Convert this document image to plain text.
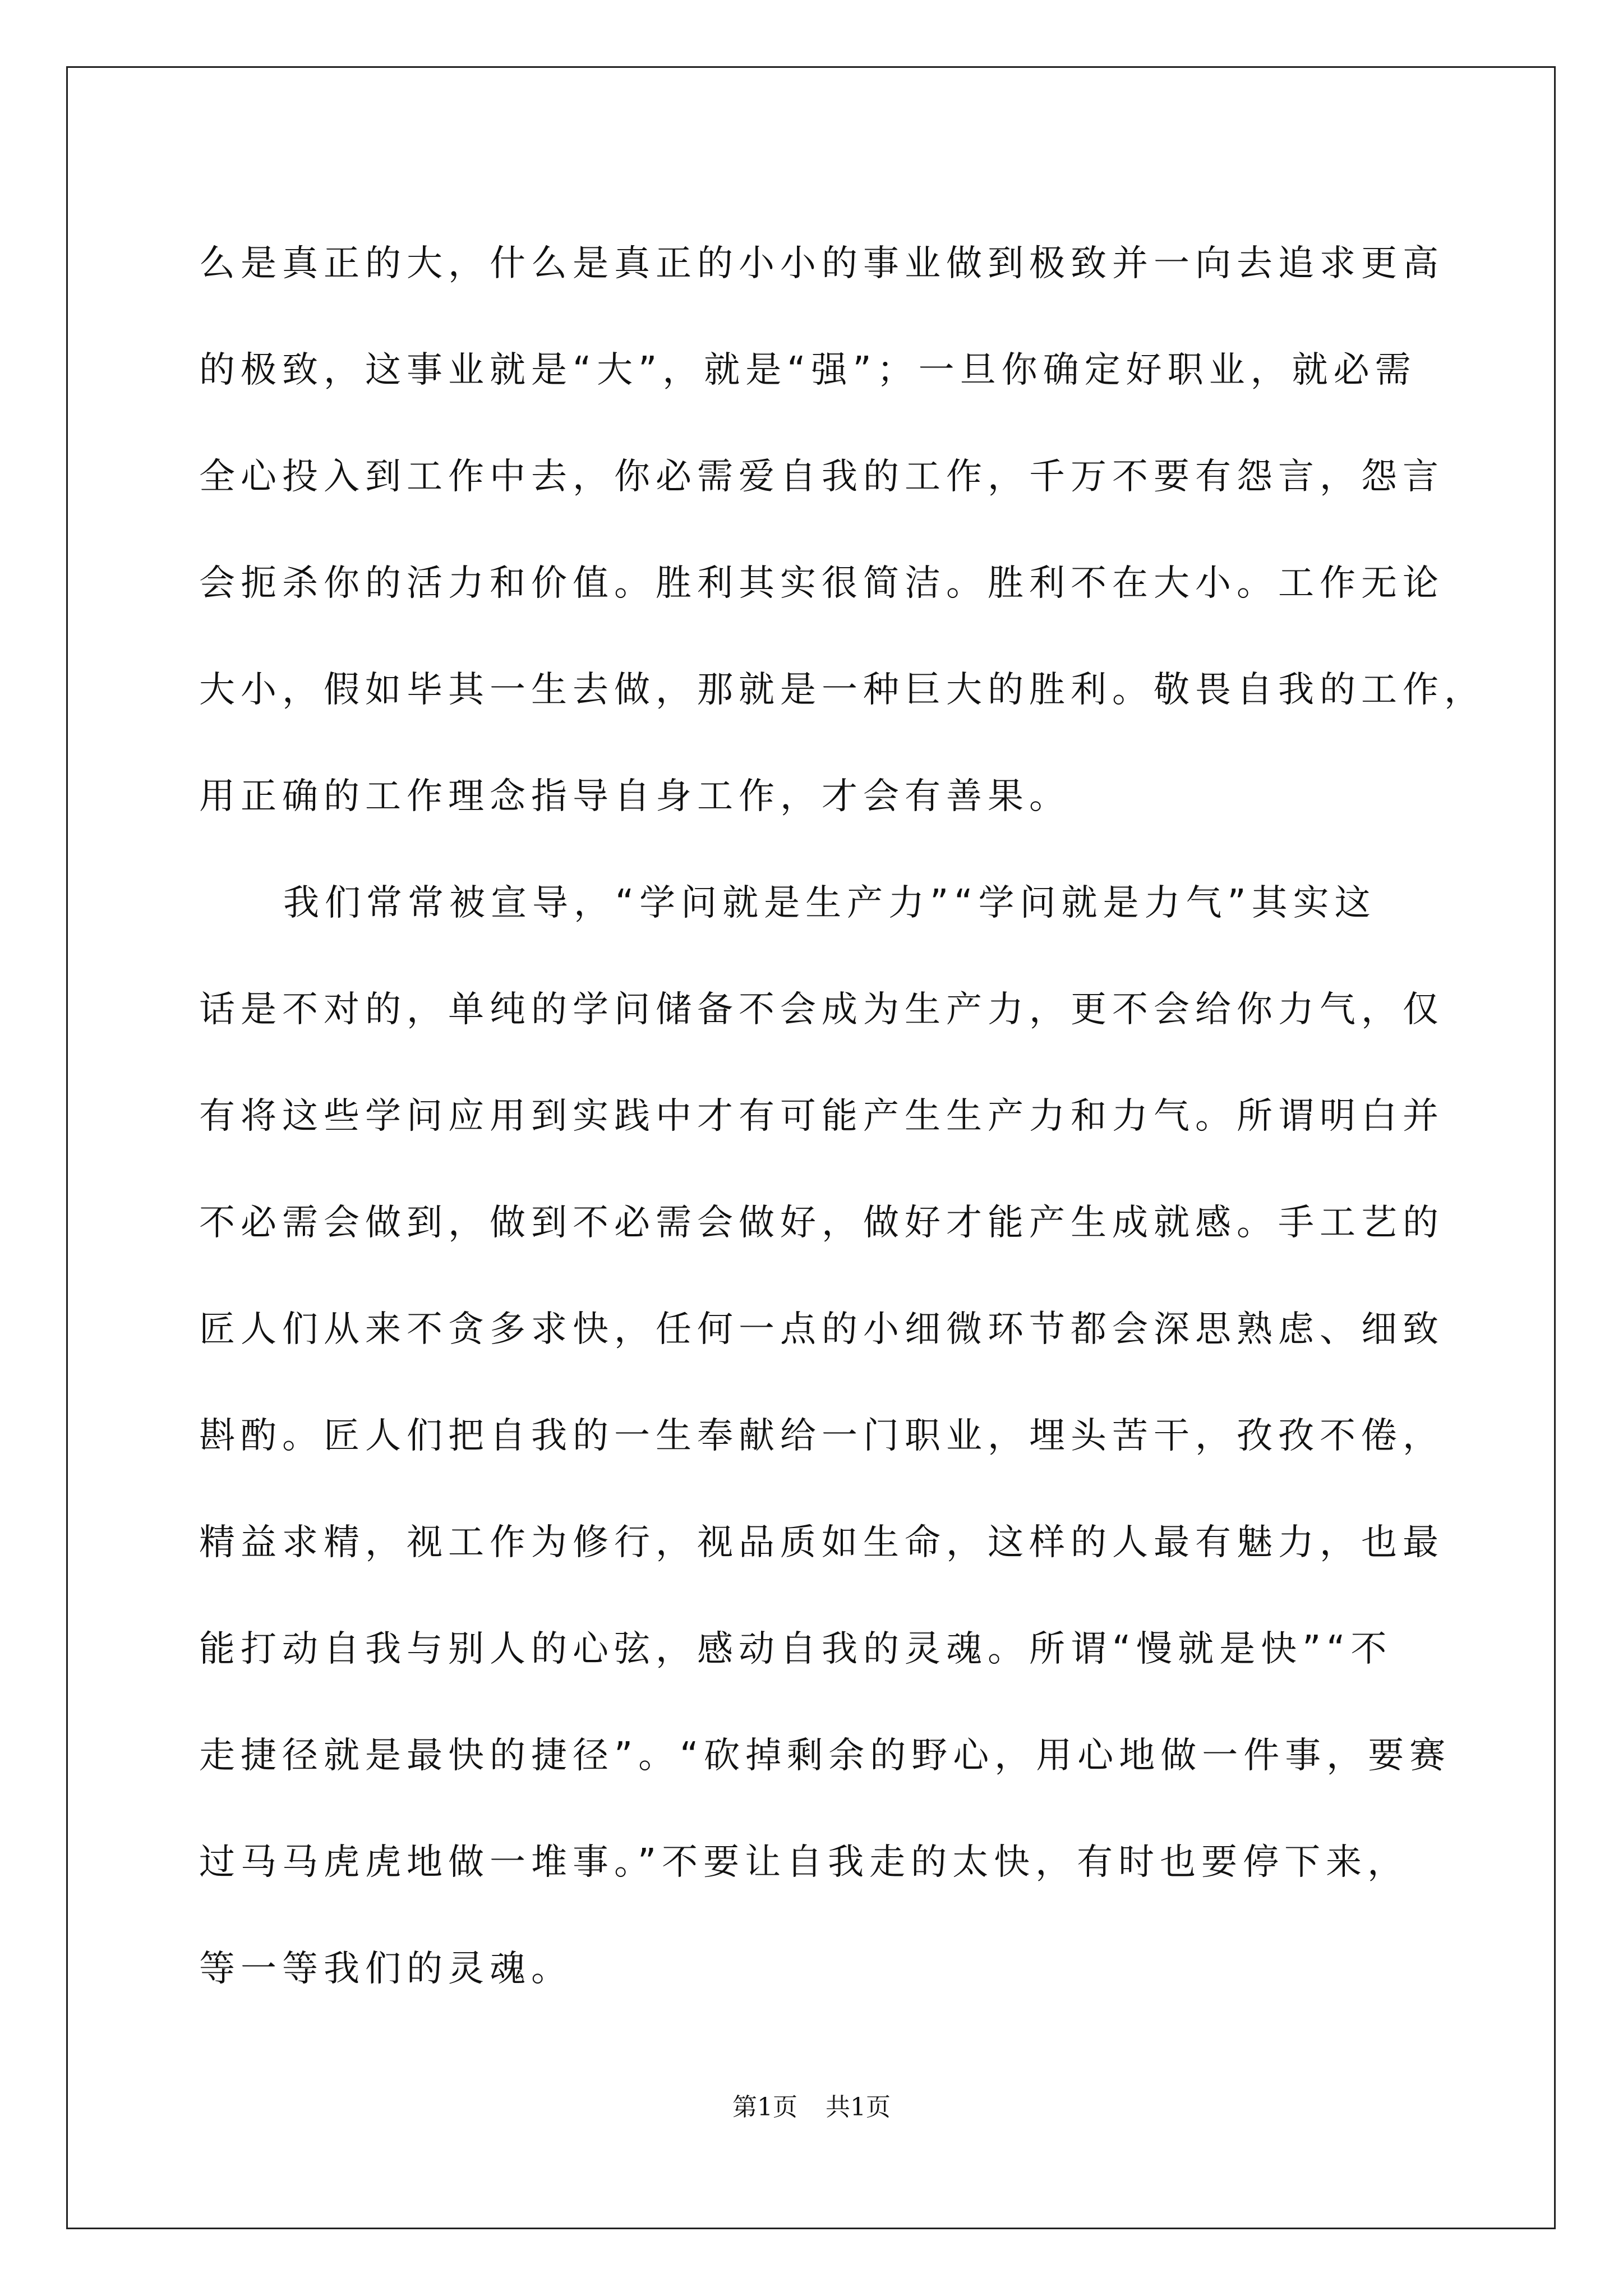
么是真正的大，什么是真正的小小的事业做到极致并一向去追求更高
的极致，这事业就是“大”，就是“强”；一旦你确定好职业，就必需
全心投入到工作中去，你必需爱自我的工作，千万不要有怨言，怨言
会扼杀你的活力和价值。胜利其实很简洁。胜利不在大小。工作无论
大小，假如毕其一生去做，那就是一种巨大的胜利。敬畏自我的工作，
用正确的工作理念指导自身工作，才会有善果。
我们常常被宣导，“学问就是生产力”“学问就是力气”其实这
话是不对的，单纯的学问储备不会成为生产力，更不会给你力气，仅
有将这些学问应用到实践中才有可能产生生产力和力气。所谓明白并
不必需会做到，做到不必需会做好，做好才能产生成就感。手工艺的
匠人们从来不贪多求快，任何一点的小细微环节都会深思熟虑、细致
斟酌。匠人们把自我的一生奉献给一门职业，埋头苦干，孜孜不倦，
精益求精，视工作为修行，视品质如生命，这样的人最有魅力，也最
能打动自我与别人的心弦，感动自我的灵魂。所谓“慢就是快”“不
走捷径就是最快的捷径”。“砍掉剩余的野心，用心地做一件事，要赛
过马马虎虎地做一堆事。”不要让自我走的太快，有时也要停下来，
等一等我们的灵魂。
第1页 共1页
